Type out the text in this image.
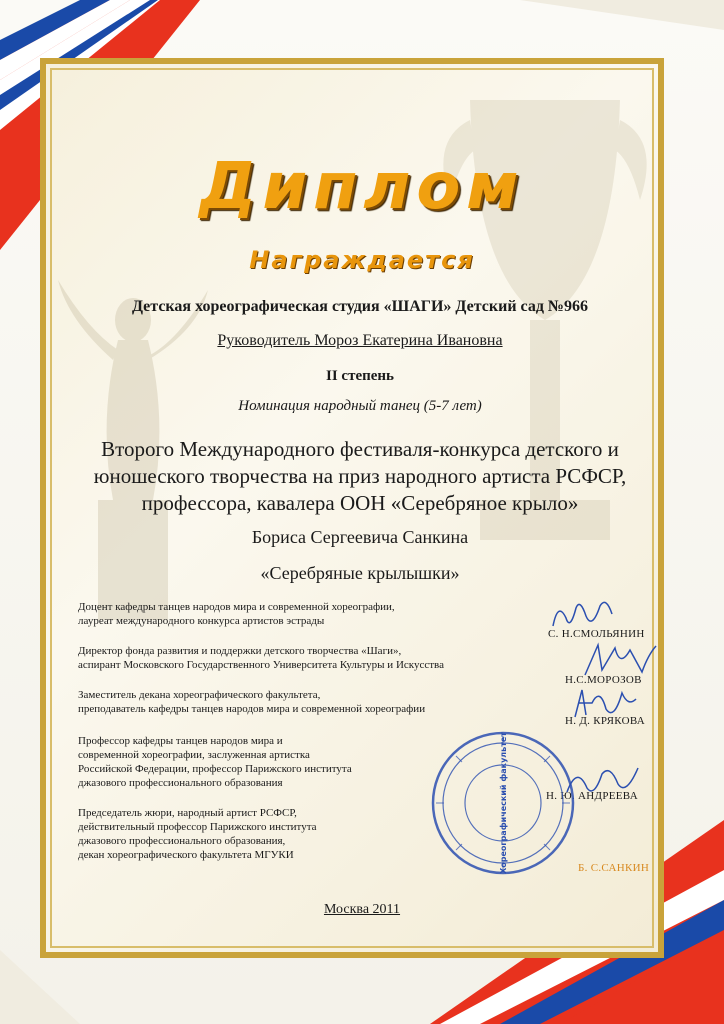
Диплом
Награждается
Детская хореографическая студия «ШАГИ» Детский сад №966
Руководитель Мороз Екатерина Ивановна
II степень
Номинация народный танец (5-7 лет)
Второго Международного фестиваля-конкурса детского и
юношеского творчества на приз народного артиста РСФСР,
профессора, кавалера ООН «Серебряное крыло»
Бориса Сергеевича Санкина
«Серебряные крылышки»
Доцент кафедры танцев народов мира и современной хореографии,
лауреат международного конкурса артистов эстрады
С. Н.СМОЛЬЯНИН
Директор фонда развития и поддержки детского творчества «Шаги»,
аспирант Московского Государственного Университета Культуры и Искусства
Н.С.МОРОЗОВ
Заместитель декана хореографического факультета,
преподаватель кафедры танцев народов мира и современной хореографии
Н. Д. КРЯКОВА
Профессор кафедры танцев народов мира и
современной хореографии, заслуженная артистка
Российской Федерации, профессор Парижского института
джазового профессионального образования
Н. Ю. АНДРЕЕВА
Председатель жюри, народный артист РСФСР,
действительный профессор Парижского института
джазового профессионального образования,
декан хореографического факультета МГУКИ
Б. С.САНКИН
Хореографический факультет
Москва 2011
